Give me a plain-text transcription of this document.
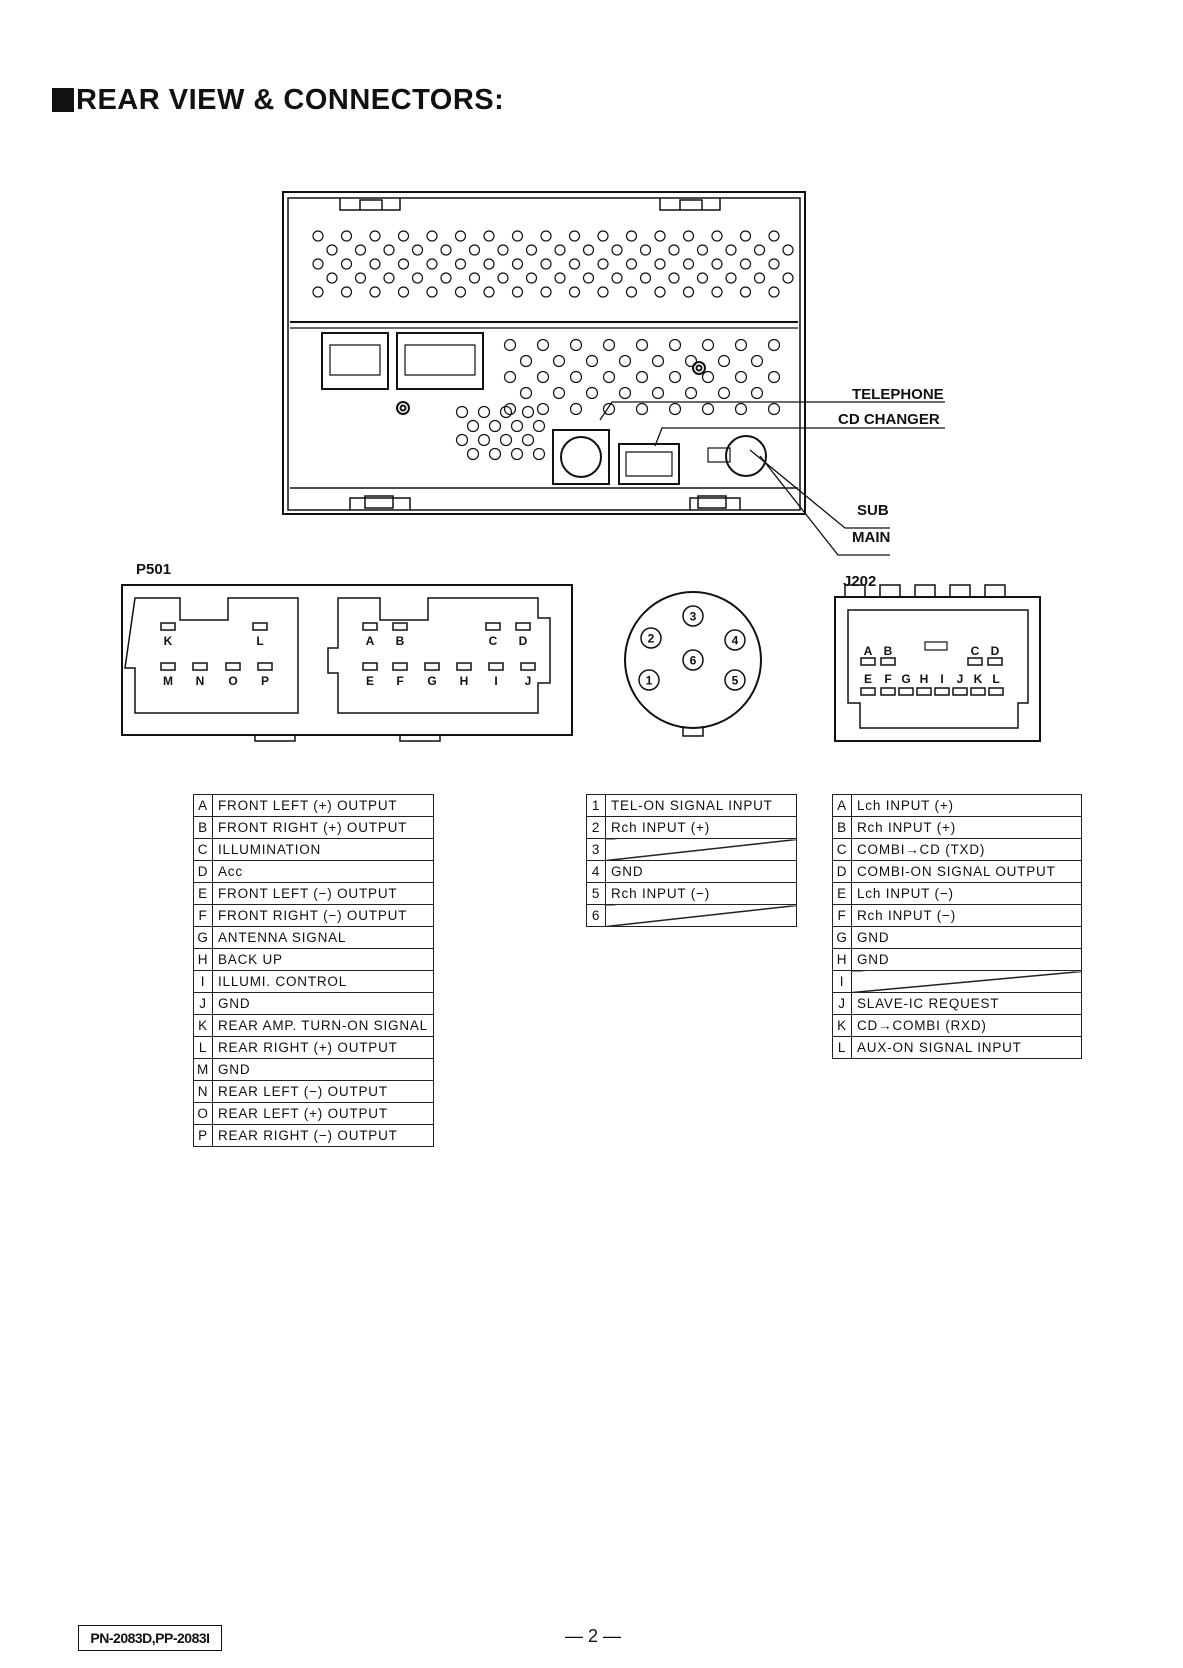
REAR VIEW & CONNECTORS:
K	L
M N O P
A B	C D
E F G H I J	1
2
3
4
5
6
A B	C D
E F G H I J K L
TELEPHONE
CD CHANGER
SUB
MAIN
P501
J202
A	FRONT LEFT (+) OUTPUT
B	FRONT RIGHT (+) OUTPUT
C	ILLUMINATION
D	Acc
E	FRONT LEFT (−) OUTPUT
F	FRONT RIGHT (−) OUTPUT
G	ANTENNA SIGNAL
H	BACK UP
I	ILLUMI. CONTROL
J	GND
K	REAR AMP. TURN-ON SIGNAL
L	REAR RIGHT (+) OUTPUT
M	GND
N	REAR LEFT (−) OUTPUT
O	REAR LEFT (+) OUTPUT
P	REAR RIGHT (−) OUTPUT
1	TEL-ON SIGNAL INPUT
2	Rch INPUT (+)
3	
4	GND
5	Rch INPUT (−)
6	
A	Lch INPUT (+)
B	Rch INPUT (+)
C	COMBI→CD (TXD)
D	COMBI-ON SIGNAL OUTPUT
E	Lch INPUT (−)
F	Rch INPUT (−)
G	GND
H	GND
I	
J	SLAVE-IC REQUEST
K	CD→COMBI (RXD)
L	AUX-ON SIGNAL INPUT
PN-2083D,PP-2083I	— 2 —
